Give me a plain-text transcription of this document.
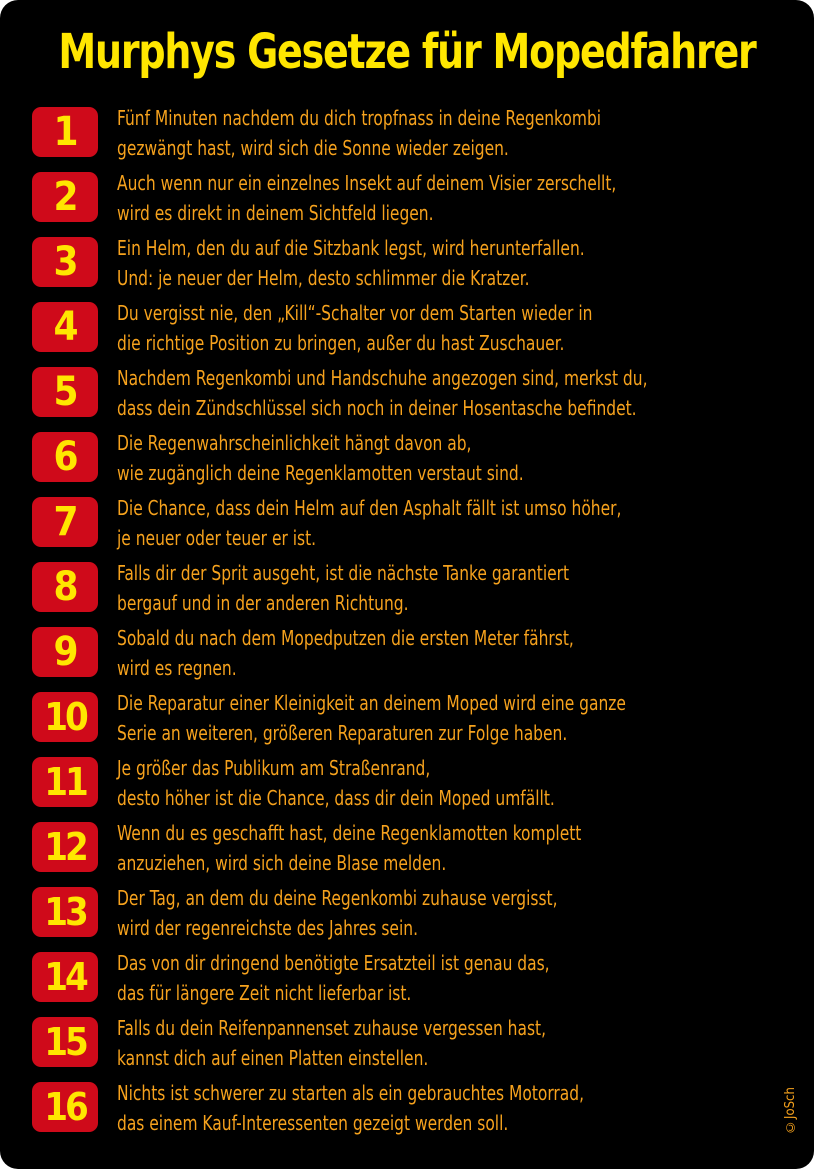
Murphys Gesetze für Mopedfahrer
1	Fünf Minuten nachdem du dich tropfnass in deine Regenkombi
gezwängt hast, wird sich die Sonne wieder zeigen.
2	Auch wenn nur ein einzelnes Insekt auf deinem Visier zerschellt,
wird es direkt in deinem Sichtfeld liegen.
3	Ein Helm, den du auf die Sitzbank legst, wird herunterfallen.
Und: je neuer der Helm, desto schlimmer die Kratzer.
4	Du vergisst nie, den „Kill“-Schalter vor dem Starten wieder in
die richtige Position zu bringen, außer du hast Zuschauer.
5	Nachdem Regenkombi und Handschuhe angezogen sind, merkst du,
dass dein Zündschlüssel sich noch in deiner Hosentasche befindet.
6	Die Regenwahrscheinlichkeit hängt davon ab,
wie zugänglich deine Regenklamotten verstaut sind.
7	Die Chance, dass dein Helm auf den Asphalt fällt ist umso höher,
je neuer oder teuer er ist.
8	Falls dir der Sprit ausgeht, ist die nächste Tanke garantiert
bergauf und in der anderen Richtung.
9	Sobald du nach dem Mopedputzen die ersten Meter fährst,
wird es regnen.
10	Die Reparatur einer Kleinigkeit an deinem Moped wird eine ganze
Serie an weiteren, größeren Reparaturen zur Folge haben.
11	Je größer das Publikum am Straßenrand,
desto höher ist die Chance, dass dir dein Moped umfällt.
12	Wenn du es geschafft hast, deine Regenklamotten komplett
anzuziehen, wird sich deine Blase melden.
13	Der Tag, an dem du deine Regenkombi zuhause vergisst,
wird der regenreichste des Jahres sein.
14	Das von dir dringend benötigte Ersatzteil ist genau das,
das für längere Zeit nicht lieferbar ist.
15	Falls du dein Reifenpannenset zuhause vergessen hast,
kannst dich auf einen Platten einstellen.
16	Nichts ist schwerer zu starten als ein gebrauchtes Motorrad,
das einem Kauf-Interessenten gezeigt werden soll.	©JoSch
